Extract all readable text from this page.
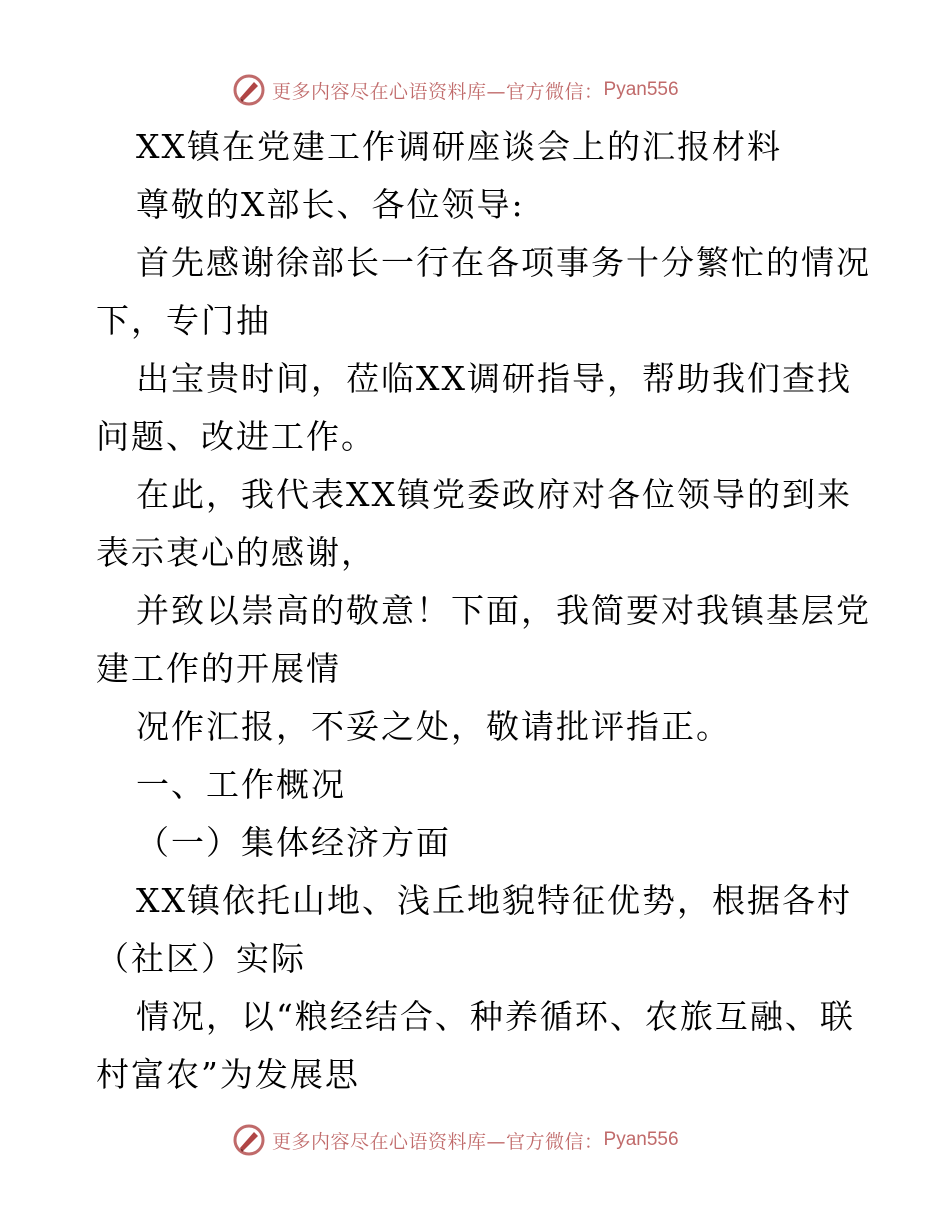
更多内容尽在心语资料库—官方微信： Pyan556
XX镇在党建工作调研座谈会上的汇报材料
尊敬的X部长、各位领导:
首先感谢徐部长一行在各项事务十分繁忙的情况
下，专门抽
出宝贵时间，莅临XX调研指导，帮助我们查找
问题、改进工作。
在此，我代表XX镇党委政府对各位领导的到来
表示衷心的感谢，
并致以崇高的敬意！下面，我简要对我镇基层党
建工作的开展情
况作汇报，不妥之处，敬请批评指正。
一、工作概况
（一）集体经济方面
XX镇依托山地、浅丘地貌特征优势，根据各村
（社区）实际
情况，以“粮经结合、种养循环、农旅互融、联
村富农”为发展思
更多内容尽在心语资料库—官方微信： Pyan556
